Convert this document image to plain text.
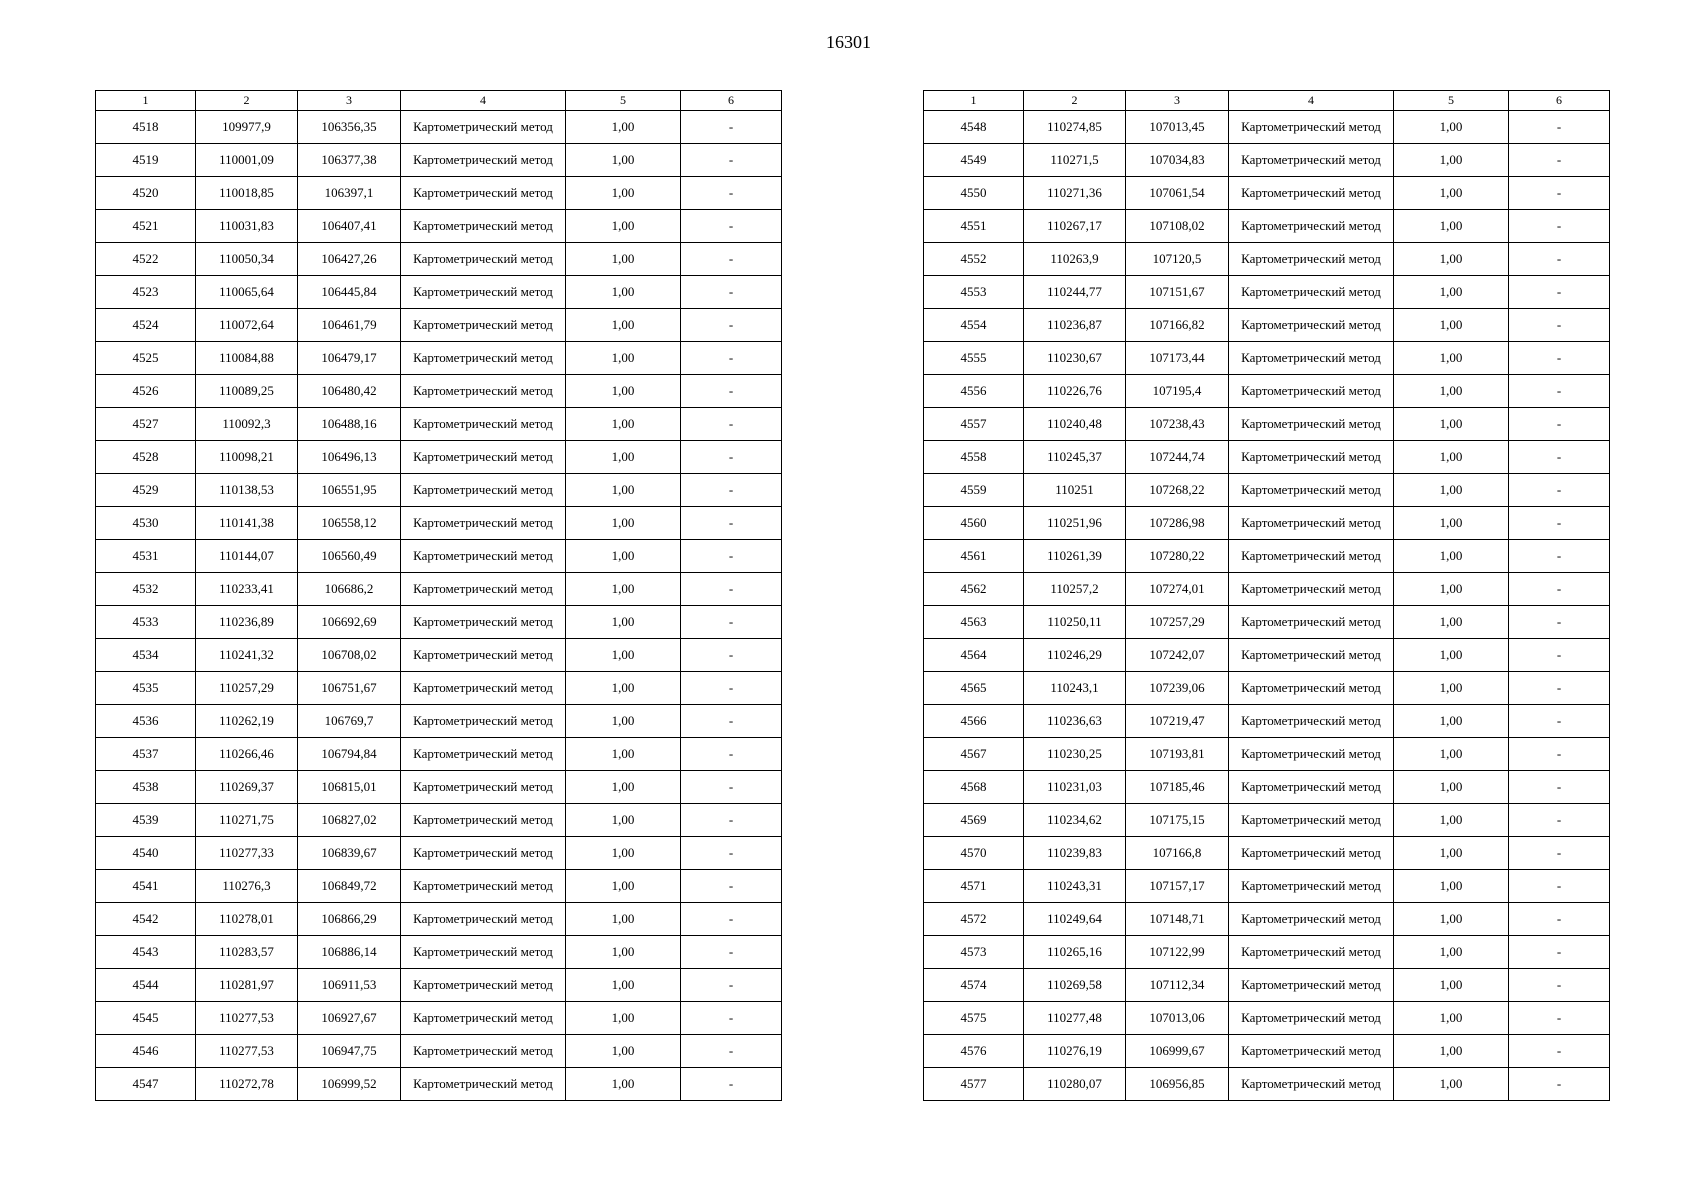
16301
1	2	3	4	5	6
4518	109977,9	106356,35	Картометрический метод	1,00	-
4519	110001,09	106377,38	Картометрический метод	1,00	-
4520	110018,85	106397,1	Картометрический метод	1,00	-
4521	110031,83	106407,41	Картометрический метод	1,00	-
4522	110050,34	106427,26	Картометрический метод	1,00	-
4523	110065,64	106445,84	Картометрический метод	1,00	-
4524	110072,64	106461,79	Картометрический метод	1,00	-
4525	110084,88	106479,17	Картометрический метод	1,00	-
4526	110089,25	106480,42	Картометрический метод	1,00	-
4527	110092,3	106488,16	Картометрический метод	1,00	-
4528	110098,21	106496,13	Картометрический метод	1,00	-
4529	110138,53	106551,95	Картометрический метод	1,00	-
4530	110141,38	106558,12	Картометрический метод	1,00	-
4531	110144,07	106560,49	Картометрический метод	1,00	-
4532	110233,41	106686,2	Картометрический метод	1,00	-
4533	110236,89	106692,69	Картометрический метод	1,00	-
4534	110241,32	106708,02	Картометрический метод	1,00	-
4535	110257,29	106751,67	Картометрический метод	1,00	-
4536	110262,19	106769,7	Картометрический метод	1,00	-
4537	110266,46	106794,84	Картометрический метод	1,00	-
4538	110269,37	106815,01	Картометрический метод	1,00	-
4539	110271,75	106827,02	Картометрический метод	1,00	-
4540	110277,33	106839,67	Картометрический метод	1,00	-
4541	110276,3	106849,72	Картометрический метод	1,00	-
4542	110278,01	106866,29	Картометрический метод	1,00	-
4543	110283,57	106886,14	Картометрический метод	1,00	-
4544	110281,97	106911,53	Картометрический метод	1,00	-
4545	110277,53	106927,67	Картометрический метод	1,00	-
4546	110277,53	106947,75	Картометрический метод	1,00	-
4547	110272,78	106999,52	Картометрический метод	1,00	-
1	2	3	4	5	6
4548	110274,85	107013,45	Картометрический метод	1,00	-
4549	110271,5	107034,83	Картометрический метод	1,00	-
4550	110271,36	107061,54	Картометрический метод	1,00	-
4551	110267,17	107108,02	Картометрический метод	1,00	-
4552	110263,9	107120,5	Картометрический метод	1,00	-
4553	110244,77	107151,67	Картометрический метод	1,00	-
4554	110236,87	107166,82	Картометрический метод	1,00	-
4555	110230,67	107173,44	Картометрический метод	1,00	-
4556	110226,76	107195,4	Картометрический метод	1,00	-
4557	110240,48	107238,43	Картометрический метод	1,00	-
4558	110245,37	107244,74	Картометрический метод	1,00	-
4559	110251	107268,22	Картометрический метод	1,00	-
4560	110251,96	107286,98	Картометрический метод	1,00	-
4561	110261,39	107280,22	Картометрический метод	1,00	-
4562	110257,2	107274,01	Картометрический метод	1,00	-
4563	110250,11	107257,29	Картометрический метод	1,00	-
4564	110246,29	107242,07	Картометрический метод	1,00	-
4565	110243,1	107239,06	Картометрический метод	1,00	-
4566	110236,63	107219,47	Картометрический метод	1,00	-
4567	110230,25	107193,81	Картометрический метод	1,00	-
4568	110231,03	107185,46	Картометрический метод	1,00	-
4569	110234,62	107175,15	Картометрический метод	1,00	-
4570	110239,83	107166,8	Картометрический метод	1,00	-
4571	110243,31	107157,17	Картометрический метод	1,00	-
4572	110249,64	107148,71	Картометрический метод	1,00	-
4573	110265,16	107122,99	Картометрический метод	1,00	-
4574	110269,58	107112,34	Картометрический метод	1,00	-
4575	110277,48	107013,06	Картометрический метод	1,00	-
4576	110276,19	106999,67	Картометрический метод	1,00	-
4577	110280,07	106956,85	Картометрический метод	1,00	-
